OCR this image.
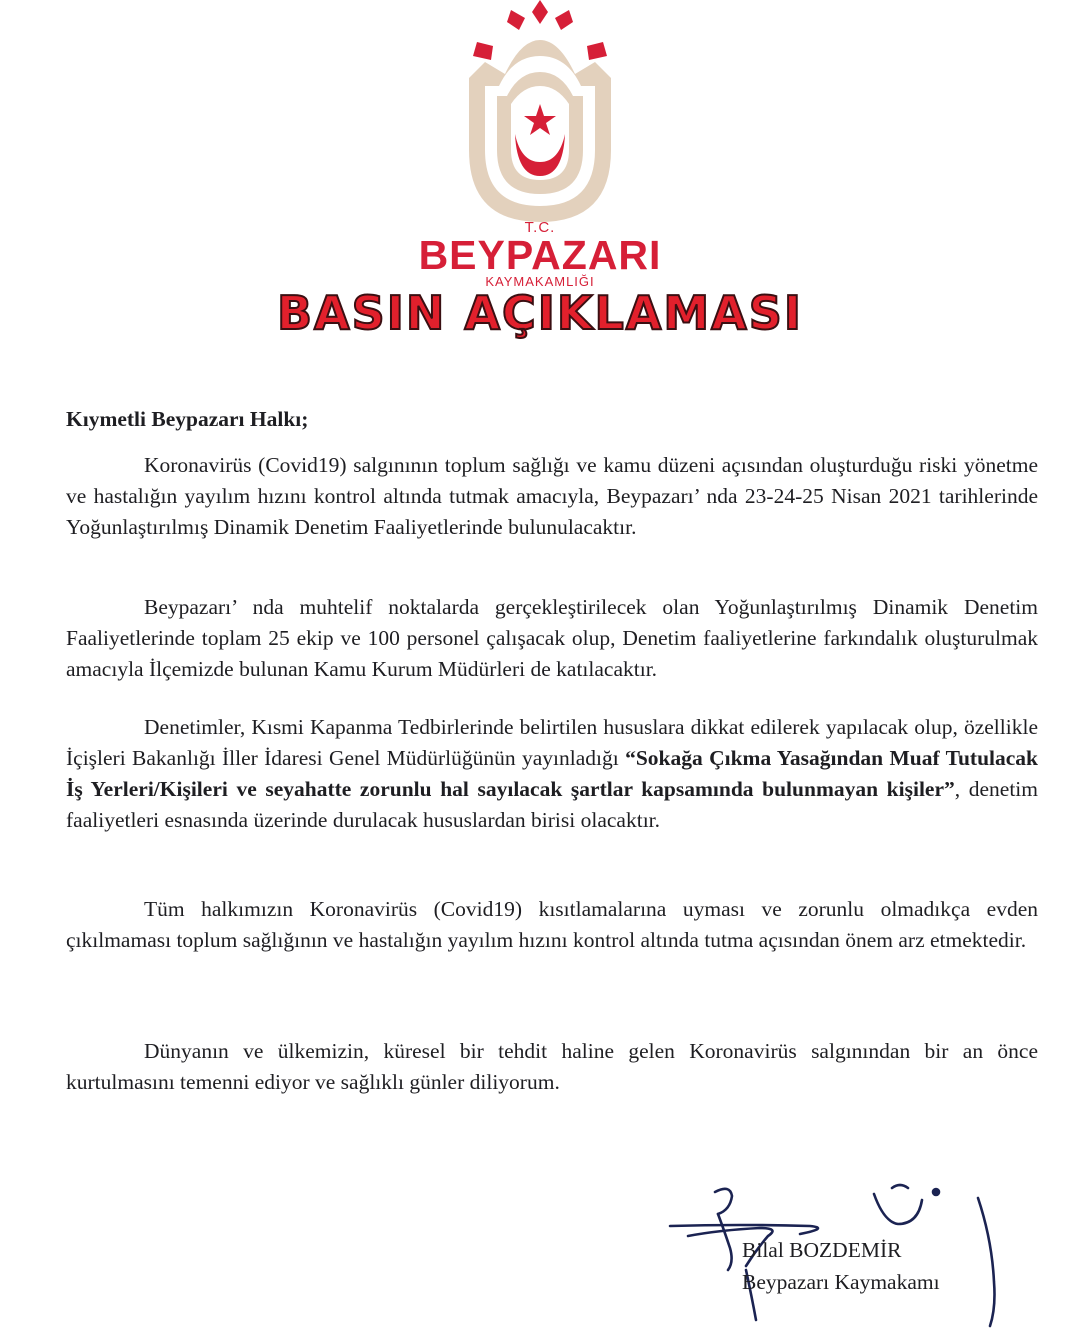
T.C.
BEYPAZARI
KAYMAKAMLIĞI
BASIN AÇIKLAMASI
Kıymetli Beypazarı Halkı;

Koronavirüs (Covid19) salgınının toplum sağlığı ve kamu düzeni açısından oluşturduğu riski yönetme ve hastalığın yayılım hızını kontrol altında tutmak amacıyla, Beypazarı’ nda 23-24-25 Nisan 2021 tarihlerinde Yoğunlaştırılmış Dinamik Denetim Faaliyetlerinde bulunulacaktır.

Beypazarı’ nda muhtelif noktalarda gerçekleştirilecek olan Yoğunlaştırılmış Dinamik Denetim Faaliyetlerinde toplam 25 ekip ve 100 personel çalışacak olup, Denetim faaliyetlerine farkındalık oluşturulmak amacıyla İlçemizde bulunan Kamu Kurum Müdürleri de katılacaktır.

Denetimler, Kısmi Kapanma Tedbirlerinde belirtilen hususlara dikkat edilerek yapılacak olup, özellikle İçişleri Bakanlığı İller İdaresi Genel Müdürlüğünün yayınladığı “Sokağa Çıkma Yasağından Muaf Tutulacak İş Yerleri/Kişileri ve seyahatte zorunlu hal sayılacak şartlar kapsamında bulunmayan kişiler”, denetim faaliyetleri esnasında üzerinde durulacak hususlardan birisi olacaktır.

Tüm halkımızın Koronavirüs (Covid19) kısıtlamalarına uyması ve zorunlu olmadıkça evden çıkılmaması toplum sağlığının ve hastalığın yayılım hızını kontrol altında tutma açısından önem arz etmektedir.

Dünyanın ve ülkemizin, küresel bir tehdit haline gelen Koronavirüs salgınından bir an önce kurtulmasını temenni ediyor ve sağlıklı günler diliyorum.

Bilal BOZDEMİR
Beypazarı Kaymakamı
